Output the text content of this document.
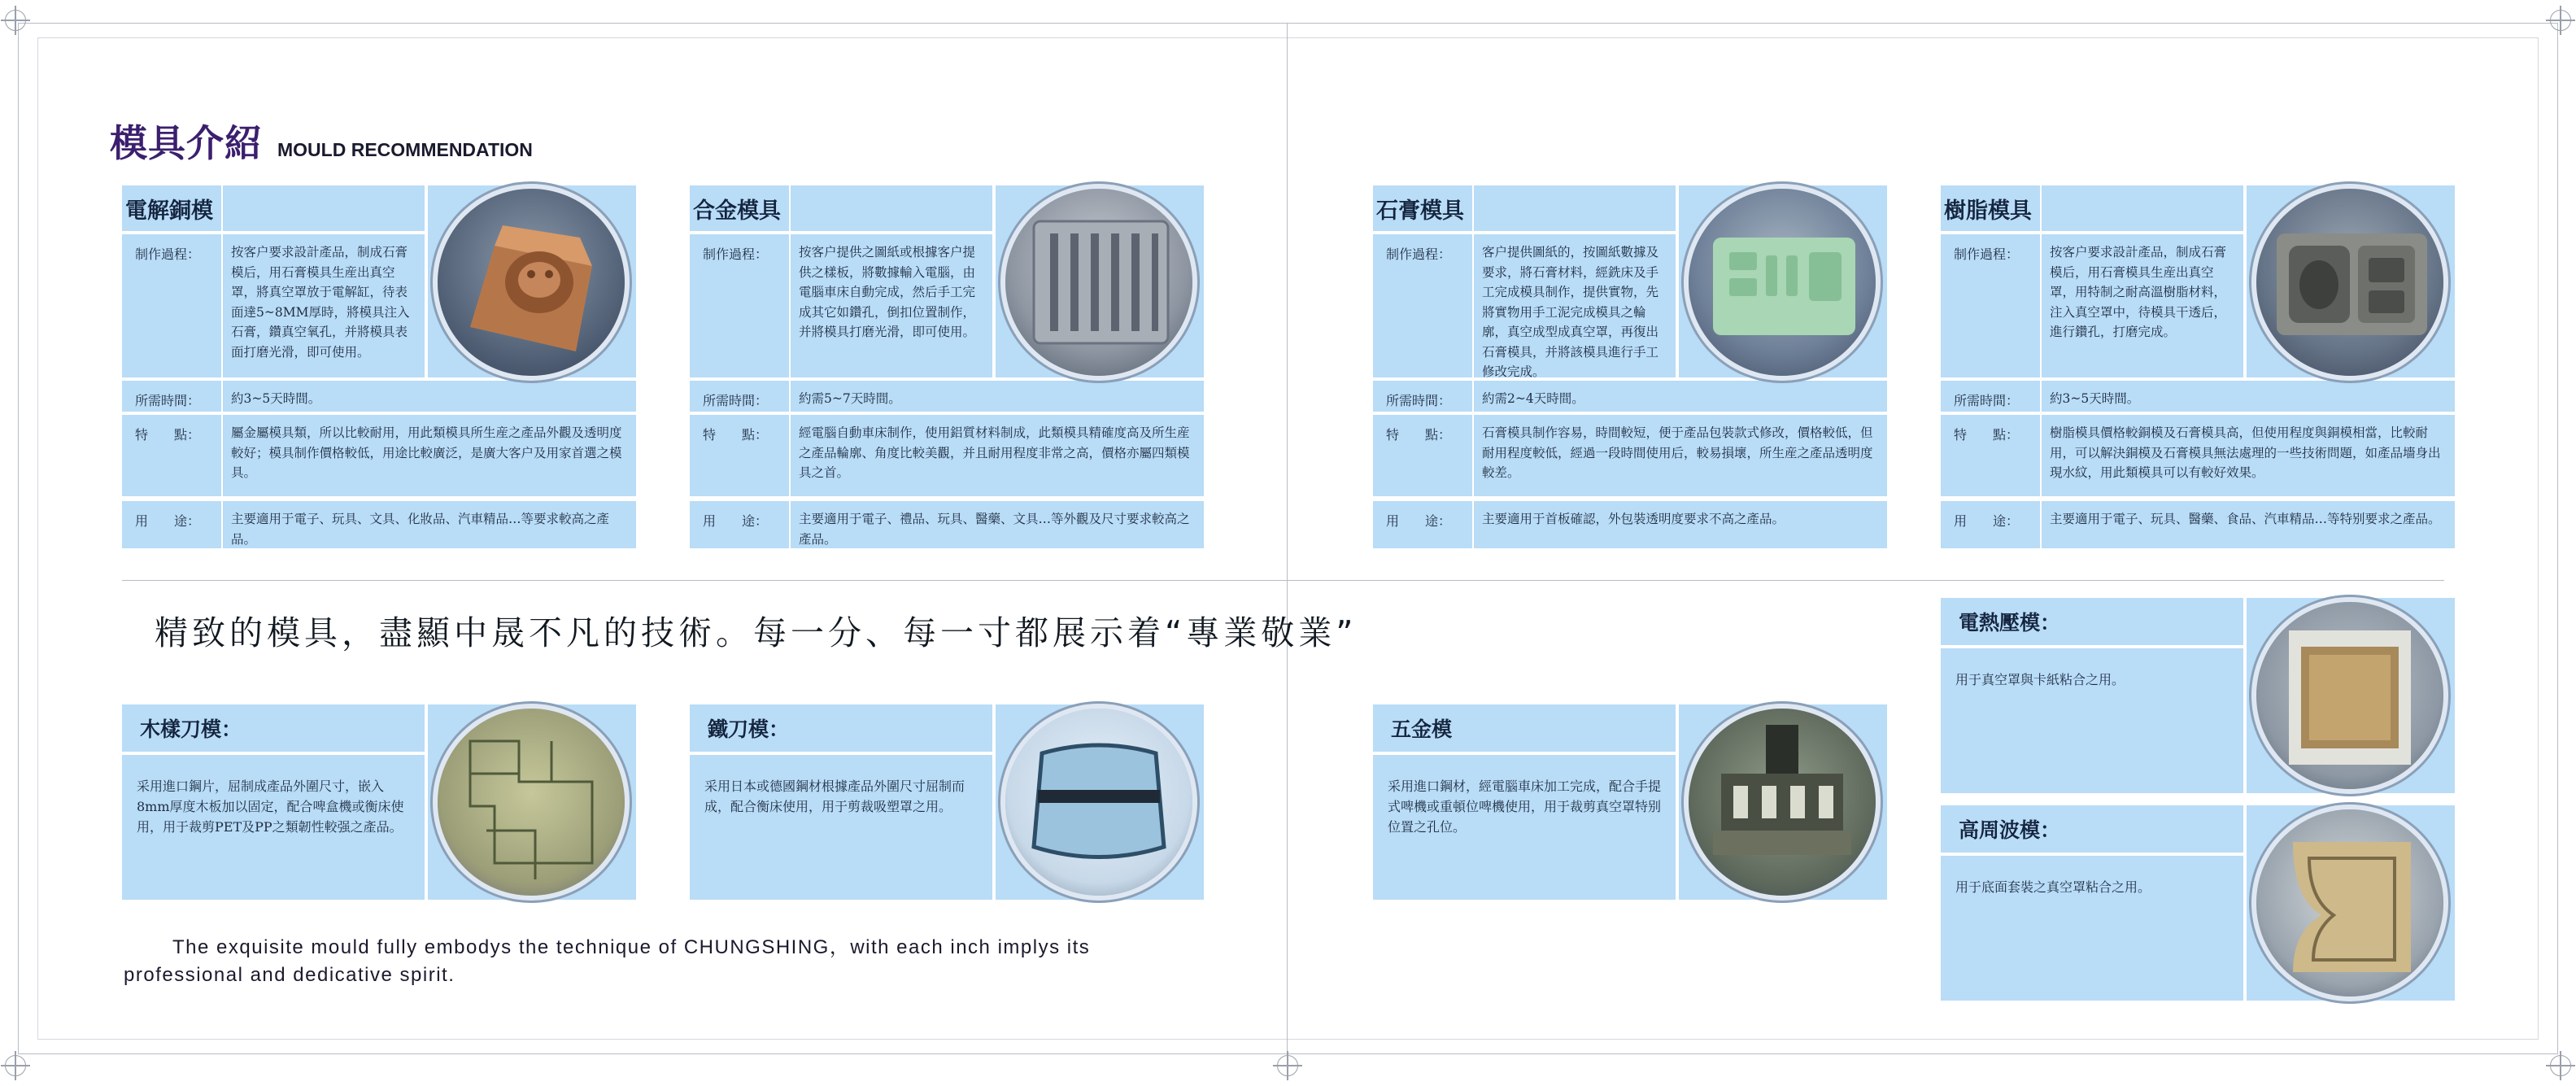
模具介紹 MOULD RECOMMENDATION
電解銅模
制作過程：	按客户要求設計產品，制成石膏模后，用石膏模具生産出真空罩，將真空罩放于電解缸，待表面達5~8MM厚時，將模具注入石膏，鑽真空氧孔，并將模具表面打磨光滑，即可使用。
所需時間：	約3~5天時間。
特　　點：	屬金屬模具類，所以比較耐用，用此類模具所生産之產品外觀及透明度較好；模具制作價格較低，用途比較廣泛，是廣大客户及用家首選之模具。
用　　途：	主要適用于電子、玩具、文具、化妝品、汽車精品…等要求較高之產品。
合金模具
制作過程：	按客户提供之圖紙或根據客户提供之樣板，將數據輸入電腦，由電腦車床自動完成，然后手工完成其它如鑽孔，倒扣位置制作，并將模具打磨光滑，即可使用。
所需時間：	約需5~7天時間。
特　　點：	經電腦自動車床制作，使用鋁質材料制成，此類模具精確度高及所生産之產品輪廓、角度比較美觀，并且耐用程度非常之高，價格亦屬四類模具之首。
用　　途：	主要適用于電子、禮品、玩具、醫藥、文具…等外觀及尺寸要求較高之產品。
石膏模具
制作過程：	客户提供圖紙的，按圖紙數據及要求，將石膏材料，經銑床及手工完成模具制作，提供實物，先將實物用手工泥完成模具之輪廓，真空成型成真空罩，再復出石膏模具，并將該模具進行手工修改完成。
所需時間：	約需2~4天時間。
特　　點：	石膏模具制作容易，時間較短，便于產品包裝款式修改，價格較低，但耐用程度較低，經過一段時間使用后，較易損壞，所生産之產品透明度較差。
用　　途：	主要適用于首板確認，外包裝透明度要求不高之產品。
樹脂模具
制作過程：	按客户要求設計產品，制成石膏模后，用石膏模具生産出真空罩，用特制之耐高溫樹脂材料，注入真空罩中，待模具干透后，進行鑽孔，打磨完成。
所需時間：	約3~5天時間。
特　　點：	樹脂模具價格較銅模及石膏模具高，但使用程度與銅模相當，比較耐用，可以解決銅模及石膏模具無法處理的一些技術問題，如產品墻身出現水紋，用此類模具可以有較好效果。
用　　途：	主要適用于電子、玩具、醫藥、食品、汽車精品…等特别要求之產品。
精致的模具，盡顯中晟不凡的技術。每一分、每一寸都展示着“專業敬業”
木樣刀模：
采用進口鋼片，屈制成產品外圍尺寸，嵌入8mm厚度木板加以固定，配合啤盒機或衡床使用，用于裁剪PET及PP之類韌性較强之產品。
鐵刀模：
采用日本或德國鋼材根據產品外圍尺寸屈制而成，配合衡床使用，用于剪裁吸塑罩之用。
五金模
采用進口鋼材，經電腦車床加工完成，配合手提式啤機或重頓位啤機使用，用于裁剪真空罩特别位置之孔位。
電熱壓模：
用于真空罩與卡紙粘合之用。
高周波模：
用于底面套裝之真空罩粘合之用。

The exquisite mould fully embodys the technique of CHUNGSHING，with each inch implys its

professional and dedicative spirit.
